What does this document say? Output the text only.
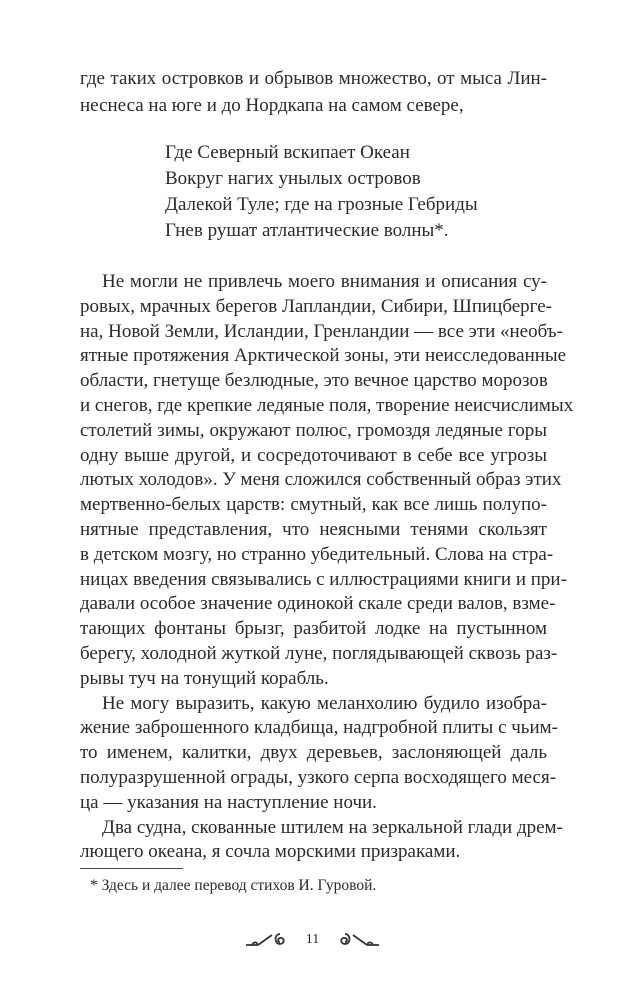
где таких островков и обрывов множество, от мыса Лин-
неснеса на юге и до Нордкапа на самом севере,
Где Северный вскипает Океан
Вокруг нагих унылых островов
Далекой Туле; где на грозные Гебриды
Гнев рушат атлантические волны*.
Не могли не привлечь моего внимания и описания су-
ровых, мрачных берегов Лапландии, Сибири, Шпицберге-
на, Новой Земли, Исландии, Гренландии — все эти «необъ-
ятные протяжения Арктической зоны, эти неисследованные
области, гнетуще безлюдные, это вечное царство морозов
и снегов, где крепкие ледяные поля, творение неисчислимых
столетий зимы, окружают полюс, громоздя ледяные горы
одну выше другой, и сосредоточивают в себе все угрозы
лютых холодов». У меня сложился собственный образ этих
мертвенно-белых царств: смутный, как все лишь полупо-
нятные представления, что неясными тенями скользят
в детском мозгу, но странно убедительный. Слова на стра-
ницах введения связывались с иллюстрациями книги и при-
давали особое значение одинокой скале среди валов, взме-
тающих фонтаны брызг, разбитой лодке на пустынном
берегу, холодной жуткой луне, поглядывающей сквозь раз-
рывы туч на тонущий корабль.
Не могу выразить, какую меланхолию будило изобра-
жение заброшенного кладбища, надгробной плиты с чьим-
то именем, калитки, двух деревьев, заслоняющей даль
полуразрушенной ограды, узкого серпа восходящего меся-
ца — указания на наступление ночи.
Два судна, скованные штилем на зеркальной глади дрем-
лющего океана, я сочла морскими призраками.
* Здесь и далее перевод стихов И. Гуровой.
11
